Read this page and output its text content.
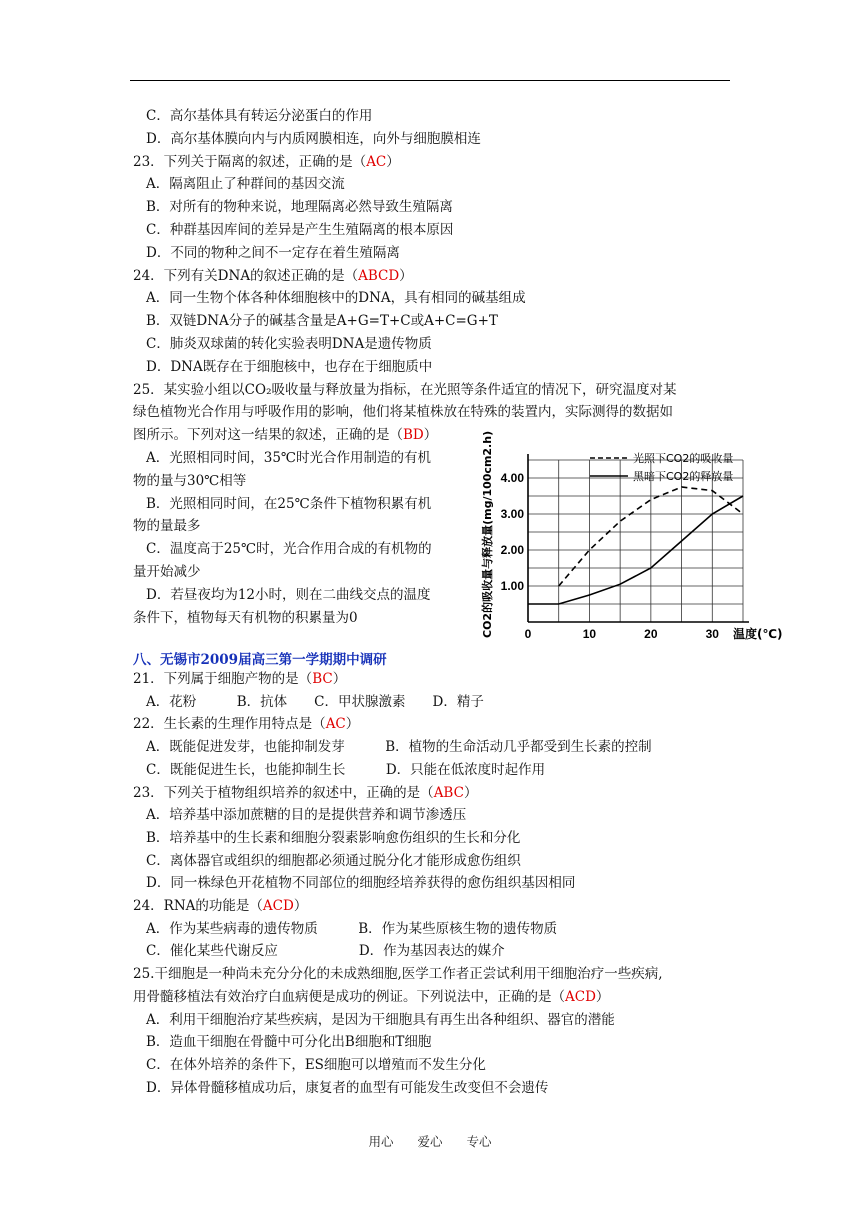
C．高尔基体具有转运分泌蛋白的作用
D．高尔基体膜向内与内质网膜相连，向外与细胞膜相连
23．下列关于隔离的叙述，正确的是（AC）
A．隔离阻止了种群间的基因交流
B．对所有的物种来说，地理隔离必然导致生殖隔离
C．种群基因库间的差异是产生生殖隔离的根本原因
D．不同的物种之间不一定存在着生殖隔离
24．下列有关DNA的叙述正确的是（ABCD）
A．同一生物个体各种体细胞核中的DNA，具有相同的碱基组成
B．双链DNA分子的碱基含量是A+G=T+C或A+C=G+T
C．肺炎双球菌的转化实验表明DNA是遗传物质
D．DNA既存在于细胞核中，也存在于细胞质中
25．某实验小组以CO₂吸收量与释放量为指标，在光照等条件适宜的情况下，研究温度对某
绿色植物光合作用与呼吸作用的影响，他们将某植株放在特殊的装置内，实际测得的数据如
图所示。下列对这一结果的叙述，正确的是（BD）
A．光照相同时间，35℃时光合作用制造的有机
物的量与30℃相等
B．光照相同时间，在25℃条件下植物积累有机
物的量最多
C．温度高于25℃时，光合作用合成的有机物的
量开始减少
D．若昼夜均为12小时，则在二曲线交点的温度
条件下，植物每天有机物的积累量为0
八、无锡市2009届高三第一学期期中调研
21．下列属于细胞产物的是（BC）
A．花粉　　　B．抗体　　C．甲状腺激素　　D．精子
22．生长素的生理作用特点是（AC）
A．既能促进发芽，也能抑制发芽　　　B．植物的生命活动几乎都受到生长素的控制
C．既能促进生长，也能抑制生长　　　D．只能在低浓度时起作用
23．下列关于植物组织培养的叙述中，正确的是（ABC）
A．培养基中添加蔗糖的目的是提供营养和调节渗透压
B．培养基中的生长素和细胞分裂素影响愈伤组织的生长和分化
C．离体器官或组织的细胞都必须通过脱分化才能形成愈伤组织
D．同一株绿色开花植物不同部位的细胞经培养获得的愈伤组织基因相同
24．RNA的功能是（ACD）
A．作为某些病毒的遗传物质　　　B．作为某些原核生物的遗传物质
C．催化某些代谢反应　　　　　　D．作为基因表达的媒介
25.干细胞是一种尚未充分分化的未成熟细胞,医学工作者正尝试利用干细胞治疗一些疾病,
用骨髓移植法有效治疗白血病便是成功的例证。下列说法中，正确的是（ACD）
A．利用干细胞治疗某些疾病，是因为干细胞具有再生出各种组织、器官的潜能
B．造血干细胞在骨髓中可分化出B细胞和T细胞
C．在体外培养的条件下，ES细胞可以增殖而不发生分化
D．异体骨髓移植成功后，康复者的血型有可能发生改变但不会遗传
0	10	20	30
1.00
2.00
3.00
4.00
温度(℃)
CO2的吸收量与释放量(mg/100cm2.h)	光照下CO2的吸收量
黑暗下CO2的释放量
用心 爱心 专心
